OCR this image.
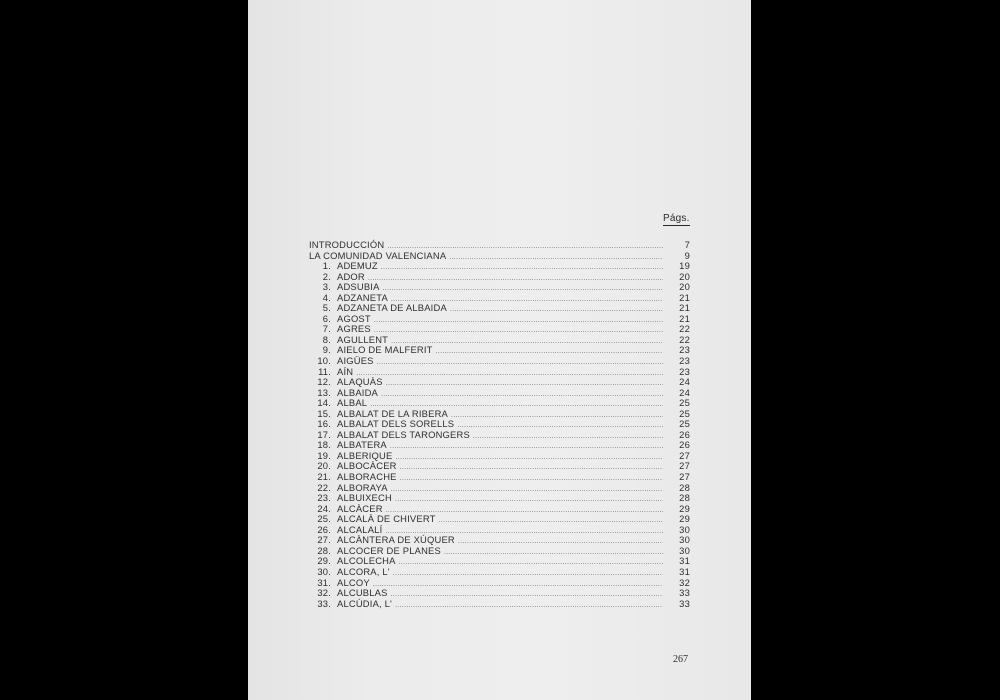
Págs.
INTRODUCCIÓN .....	7
LA COMUNIDAD VALENCIANA .....	9
1. ADEMUZ .....	19
2. ADOR .....	20
3. ADSUBIA .....	20
4. ADZANETA .....	21
5. ADZANETA DE ALBAIDA .....	21
6. AGOST .....	21
7. AGRES .....	22
8. AGULLENT .....	22
9. AIELO DE MALFERIT .....	23
10. AIGÜES .....	23
11. AÍN .....	23
12. ALAQUÀS .....	24
13. ALBAIDA .....	24
14. ALBAL .....	25
15. ALBALAT DE LA RIBERA .....	25
16. ALBALAT DELS SORELLS .....	25
17. ALBALAT DELS TARONGERS .....	26
18. ALBATERA .....	26
19. ALBERIQUE .....	27
20. ALBOCÀCER .....	27
21. ALBORACHE .....	27
22. ALBORAYA .....	28
23. ALBUIXECH .....	28
24. ALCÀCER .....	29
25. ALCALÀ DE CHIVERT .....	29
26. ALCALALÍ .....	30
27. ALCÀNTERA DE XÚQUER .....	30
28. ALCOCER DE PLANES .....	30
29. ALCOLECHA .....	31
30. ALCORA, L' .....	31
31. ALCOY .....	32
32. ALCUBLAS .....	33
33. ALCÚDIA, L' .....	33
267
